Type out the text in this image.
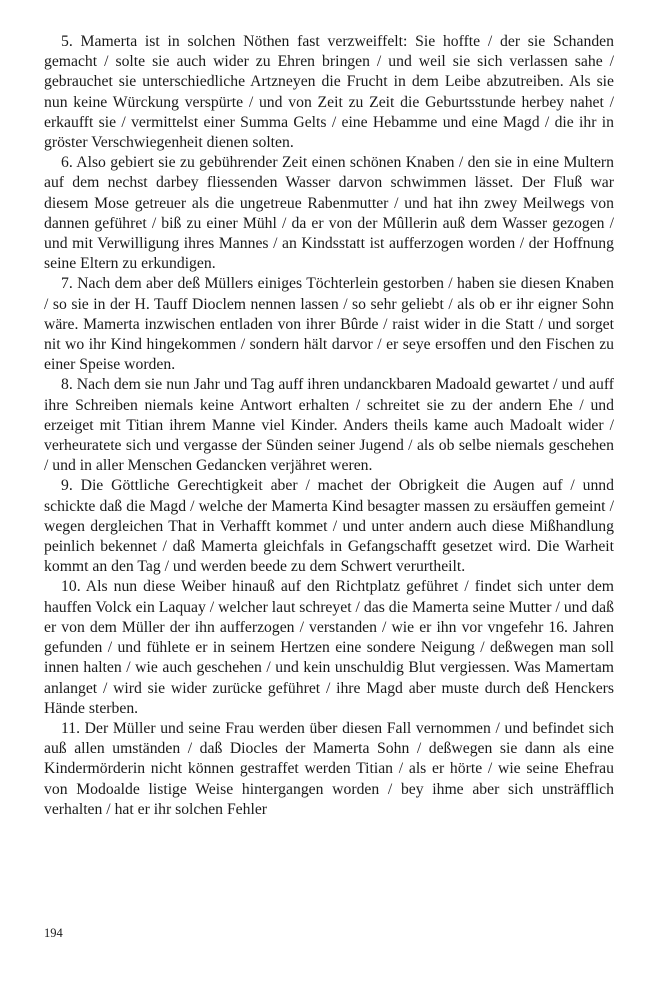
5. Mamerta ist in solchen Nöthen fast verzweiffelt: Sie hoffte / der sie Schanden gemacht / solte sie auch wider zu Ehren bringen / und weil sie sich verlassen sahe / gebrauchet sie unterschiedliche Artzneyen die Frucht in dem Leibe abzutreiben. Als sie nun keine Würckung verspürte / und von Zeit zu Zeit die Geburtsstunde herbey nahet / erkaufft sie / vermittelst einer Summa Gelts / eine Hebamme und eine Magd / die ihr in gröster Verschwiegenheit dienen solten.

6. Also gebiert sie zu gebührender Zeit einen schönen Knaben / den sie in eine Multern auf dem nechst darbey fliessenden Wasser darvon schwimmen lässet. Der Fluß war diesem Mose getreuer als die ungetreue Rabenmutter / und hat ihn zwey Meilwegs von dannen geführet / biß zu einer Mühl / da er von der Mûllerin auß dem Wasser gezogen / und mit Verwilligung ihres Mannes / an Kindsstatt ist aufferzogen worden / der Hoffnung seine Eltern zu erkundigen.

7. Nach dem aber deß Müllers einiges Töchterlein gestorben / haben sie diesen Knaben / so sie in der H. Tauff Dioclem nennen lassen / so sehr geliebt / als ob er ihr eigner Sohn wäre. Mamerta inzwischen entladen von ihrer Bûrde / raist wider in die Statt / und sorget nit wo ihr Kind hingekommen / sondern hält darvor / er seye ersoffen und den Fischen zu einer Speise worden.

8. Nach dem sie nun Jahr und Tag auff ihren undanckbaren Madoald gewartet / und auff ihre Schreiben niemals keine Antwort erhalten / schreitet sie zu der andern Ehe / und erzeiget mit Titian ihrem Manne viel Kinder. Anders theils kame auch Madoalt wider / verheuratete sich und vergasse der Sünden seiner Jugend / als ob selbe niemals geschehen / und in aller Menschen Gedancken verjähret weren.

9. Die Göttliche Gerechtigkeit aber / machet der Obrigkeit die Augen auf / unnd schickte daß die Magd / welche der Mamerta Kind besagter massen zu ersäuffen gemeint / wegen dergleichen That in Verhafft kommet / und unter andern auch diese Mißhandlung peinlich bekennet / daß Mamerta gleichfals in Gefangschafft gesetzet wird. Die Warheit kommt an den Tag / und werden beede zu dem Schwert verurtheilt.

10. Als nun diese Weiber hinauß auf den Richtplatz geführet / findet sich unter dem hauffen Volck ein Laquay / welcher laut schreyet / das die Mamerta seine Mutter / und daß er von dem Müller der ihn aufferzogen / verstanden / wie er ihn vor vngefehr 16. Jahren gefunden / und fühlete er in seinem Hertzen eine sondere Neigung / deßwegen man soll innen halten / wie auch geschehen / und kein unschuldig Blut vergiessen. Was Mamertam anlanget / wird sie wider zurücke geführet / ihre Magd aber muste durch deß Henckers Hände sterben.

11. Der Müller und seine Frau werden über diesen Fall vernommen / und befindet sich auß allen umständen / daß Diocles der Mamerta Sohn / deßwegen sie dann als eine Kindermörderin nicht können gestraffet werden Titian / als er hörte / wie seine Ehefrau von Modoalde listige Weise hintergangen worden / bey ihme aber sich unsträfflich verhalten / hat er ihr solchen Fehler

194
